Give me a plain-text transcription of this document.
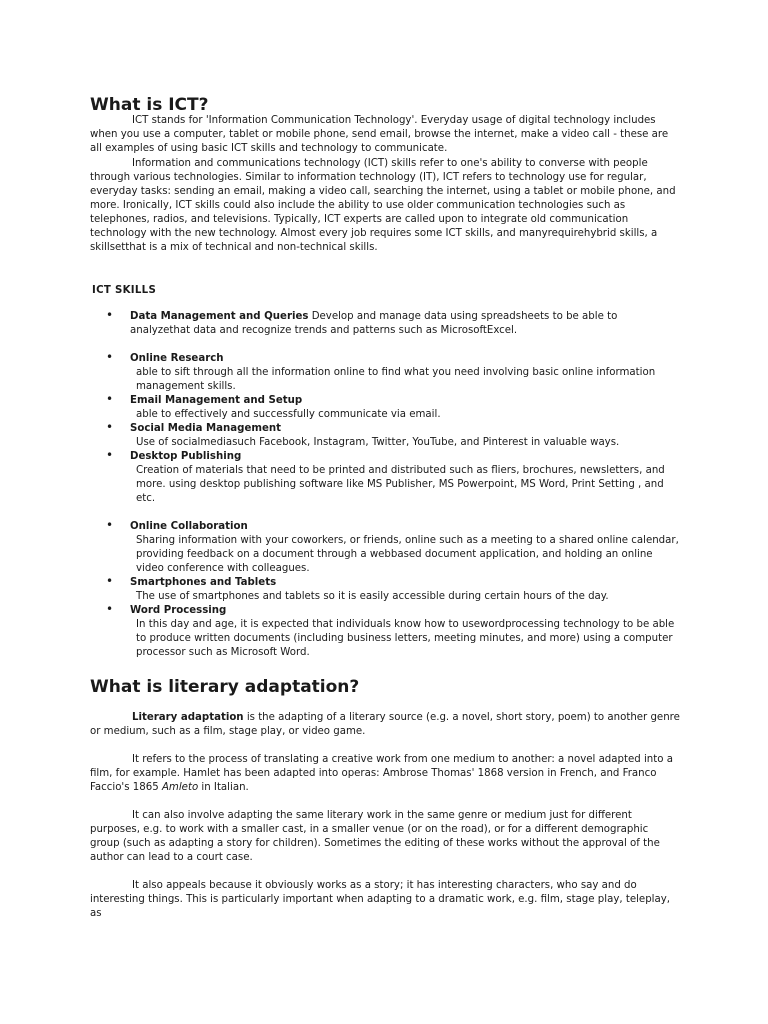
What is ICT?

ICT stands for 'Information Communication Technology'. Everyday usage of digital technology includes when you use a computer, tablet or mobile phone, send email, browse the internet, make a video call - these are all examples of using basic ICT skills and technology to communicate.

Information and communications technology (ICT) skills refer to one's ability to converse with people through various technologies. Similar to information technology (IT), ICT refers to technology use for regular, everyday tasks: sending an email, making a video call, searching the internet, using a tablet or mobile phone, and more. Ironically, ICT skills could also include the ability to use older communication technologies such as telephones, radios, and televisions. Typically, ICT experts are called upon to integrate old communication technology with the new technology. Almost every job requires some ICT skills, and manyrequirehybrid skills, a skillsetthat is a mix of technical and non-technical skills.

ICT SKILLS
• Data Management and Queries Develop and manage data using spreadsheets to be able to analyzethat data and recognize trends and patterns such as MicrosoftExcel.
• Online Research
able to sift through all the information online to find what you need involving basic online information management skills.
• Email Management and Setup
able to effectively and successfully communicate via email.
• Social Media Management
Use of socialmediasuch Facebook, Instagram, Twitter, YouTube, and Pinterest in valuable ways.
• Desktop Publishing
Creation of materials that need to be printed and distributed such as fliers, brochures, newsletters, and more. using desktop publishing software like MS Publisher, MS Powerpoint, MS Word, Print Setting , and etc.
• Online Collaboration
Sharing information with your coworkers, or friends, online such as a meeting to a shared online calendar, providing feedback on a document through a webbased document application, and holding an online video conference with colleagues.
• Smartphones and Tablets
The use of smartphones and tablets so it is easily accessible during certain hours of the day.
• Word Processing
In this day and age, it is expected that individuals know how to usewordprocessing technology to be able to produce written documents (including business letters, meeting minutes, and more) using a computer processor such as Microsoft Word.
What is literary adaptation?

Literary adaptation is the adapting of a literary source (e.g. a novel, short story, poem) to another genre or medium, such as a film, stage play, or video game.

It refers to the process of translating a creative work from one medium to another: a novel adapted into a film, for example. Hamlet has been adapted into operas: Ambrose Thomas' 1868 version in French, and Franco Faccio's 1865 Amleto in Italian.

It can also involve adapting the same literary work in the same genre or medium just for different purposes, e.g. to work with a smaller cast, in a smaller venue (or on the road), or for a different demographic group (such as adapting a story for children). Sometimes the editing of these works without the approval of the author can lead to a court case.

It also appeals because it obviously works as a story; it has interesting characters, who say and do interesting things. This is particularly important when adapting to a dramatic work, e.g. film, stage play, teleplay, as
